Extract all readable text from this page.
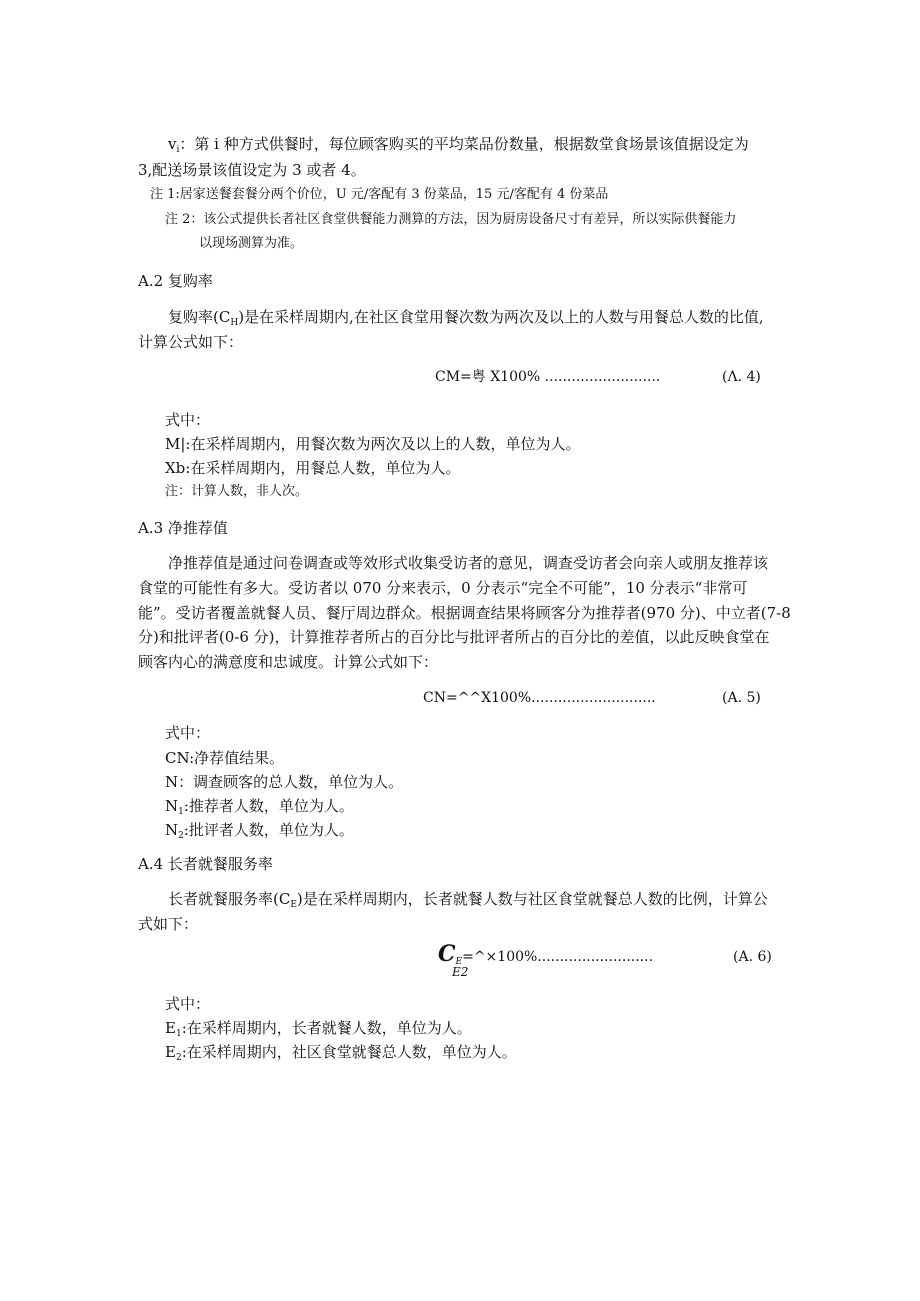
$v_i$：第 i 种方式供餐时，每位顾客购买的平均菜品份数量，根据数堂食场景该值据设定为
3,配送场景该值设定为 3 或者 4。
注 1:居家送餐套餐分两个价位，U 元/客配有 3 份菜品，15 元/客配有 4 份菜品
注 2：该公式提供长者社区食堂供餐能力测算的方法，因为厨房设备尺寸有差异，所以实际供餐能力
以现场测算为准。
A.2 复购率
复购率$(C_H)$是在采样周期内,在社区食堂用餐次数为两次及以上的人数与用餐总人数的比值,
计算公式如下：
CM=粤 X100% ..........................	(Λ. 4)
式中：
M|:在采样周期内，用餐次数为两次及以上的人数，单位为人。
Xb:在采样周期内，用餐总人数，单位为人。
注：计算人数，非人次。
A.3 净推荐值
净推荐值是通过问卷调查或等效形式收集受访者的意见，调查受访者会向亲人或朋友推荐该
食堂的可能性有多大。受访者以 070 分来表示，0 分表示“完全不可能”，10 分表示“非常可
能”。受访者覆盖就餐人员、餐厅周边群众。根据调查结果将顾客分为推荐者(970 分)、中立者(7-8
分)和批评者(0-6 分)，计算推荐者所占的百分比与批评者所占的百分比的差值，以此反映食堂在
顾客内心的满意度和忠诚度。计算公式如下：
CN=^^X100%............................	(A. 5)
式中：
CN:净荐值结果。
N：调查顾客的总人数，单位为人。
$N_1$:推荐者人数，单位为人。
$N_2$:批评者人数，单位为人。
A.4 长者就餐服务率
长者就餐服务率$(C_E)$是在采样周期内，长者就餐人数与社区食堂就餐总人数的比例，计算公
式如下：
$C_E=\^{}\times 100\%$..........................
E2
(A. 6)
式中：
$E_1$:在采样周期内，长者就餐人数，单位为人。
$E_2$:在采样周期内，社区食堂就餐总人数，单位为人。
